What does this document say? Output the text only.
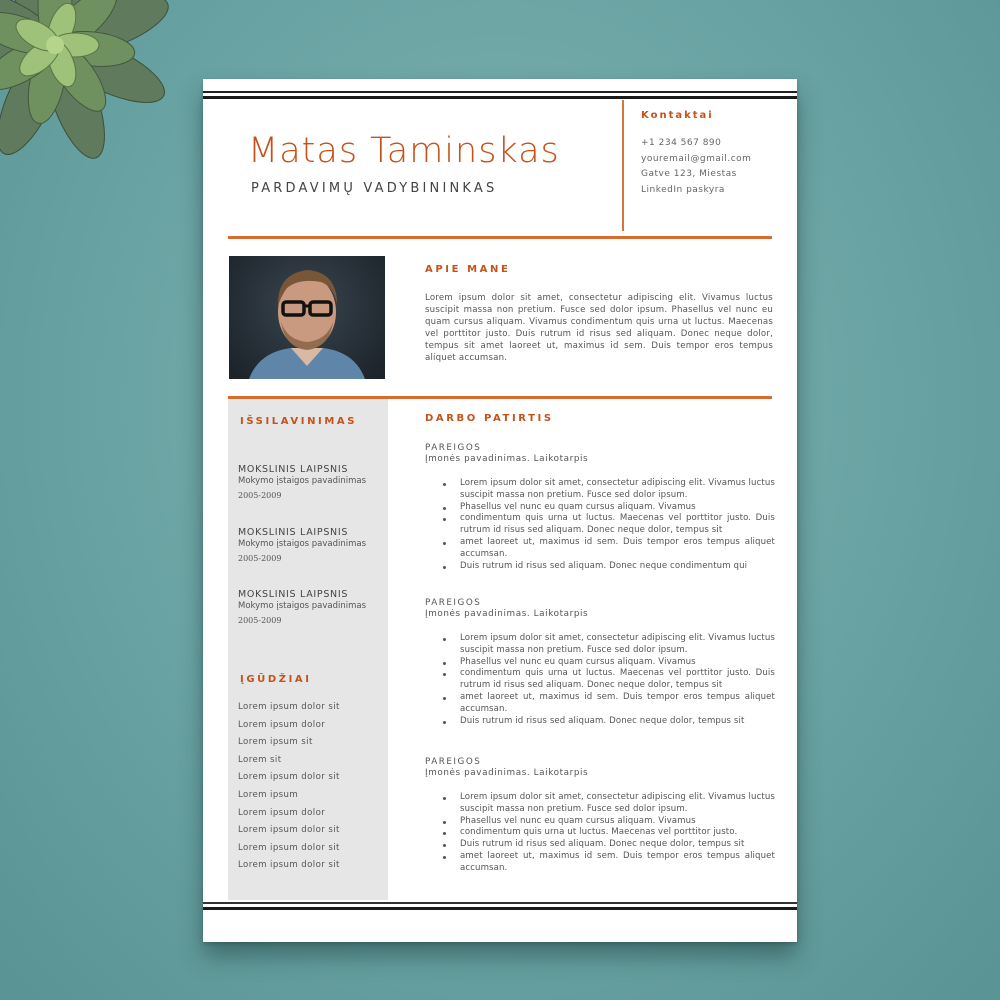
Matas Taminskas
PARDAVIMŲ VADYBININKAS
Kontaktai
+1 234 567 890
youremail@gmail.com
Gatve 123, Miestas
LinkedIn paskyra
APIE MANE
Lorem ipsum dolor sit amet, consectetur adipiscing elit. Vivamus luctus suscipit massa non pretium. Fusce sed dolor ipsum. Phasellus vel nunc eu quam cursus aliquam. Vivamus condimentum quis urna ut luctus. Maecenas vel porttitor justo. Duis rutrum id risus sed aliquam. Donec neque dolor, tempus sit amet laoreet ut, maximus id sem. Duis tempor eros tempus aliquet accumsan.
IŠSILAVINIMAS
MOKSLINIS LAIPSNIS
Mokymo įstaigos pavadinimas
2005-2009
MOKSLINIS LAIPSNIS
Mokymo įstaigos pavadinimas
2005-2009
MOKSLINIS LAIPSNIS
Mokymo įstaigos pavadinimas
2005-2009
ĮGŪDŽIAI
Lorem ipsum dolor sit
Lorem ipsum dolor
Lorem ipsum sit
Lorem sit
Lorem ipsum dolor sit
Lorem ipsum
Lorem ipsum dolor
Lorem ipsum dolor sit
Lorem ipsum dolor sit
Lorem ipsum dolor sit
DARBO PATIRTIS
PAREIGOS
Įmonės pavadinimas. Laikotarpis
Lorem ipsum dolor sit amet, consectetur adipiscing elit. Vivamus luctus suscipit massa non pretium. Fusce sed dolor ipsum.
Phasellus vel nunc eu quam cursus aliquam. Vivamus
condimentum quis urna ut luctus. Maecenas vel porttitor justo. Duis rutrum id risus sed aliquam. Donec neque dolor, tempus sit
amet laoreet ut, maximus id sem. Duis tempor eros tempus aliquet accumsan.
Duis rutrum id risus sed aliquam. Donec neque condimentum qui
PAREIGOS
Įmonės pavadinimas. Laikotarpis
Lorem ipsum dolor sit amet, consectetur adipiscing elit. Vivamus luctus suscipit massa non pretium. Fusce sed dolor ipsum.
Phasellus vel nunc eu quam cursus aliquam. Vivamus
condimentum quis urna ut luctus. Maecenas vel porttitor justo. Duis rutrum id risus sed aliquam. Donec neque dolor, tempus sit
amet laoreet ut, maximus id sem. Duis tempor eros tempus aliquet accumsan.
Duis rutrum id risus sed aliquam. Donec neque dolor, tempus sit
PAREIGOS
Įmonės pavadinimas. Laikotarpis
Lorem ipsum dolor sit amet, consectetur adipiscing elit. Vivamus luctus suscipit massa non pretium. Fusce sed dolor ipsum.
Phasellus vel nunc eu quam cursus aliquam. Vivamus
condimentum quis urna ut luctus. Maecenas vel porttitor justo.
Duis rutrum id risus sed aliquam. Donec neque dolor, tempus sit
amet laoreet ut, maximus id sem. Duis tempor eros tempus aliquet accumsan.
